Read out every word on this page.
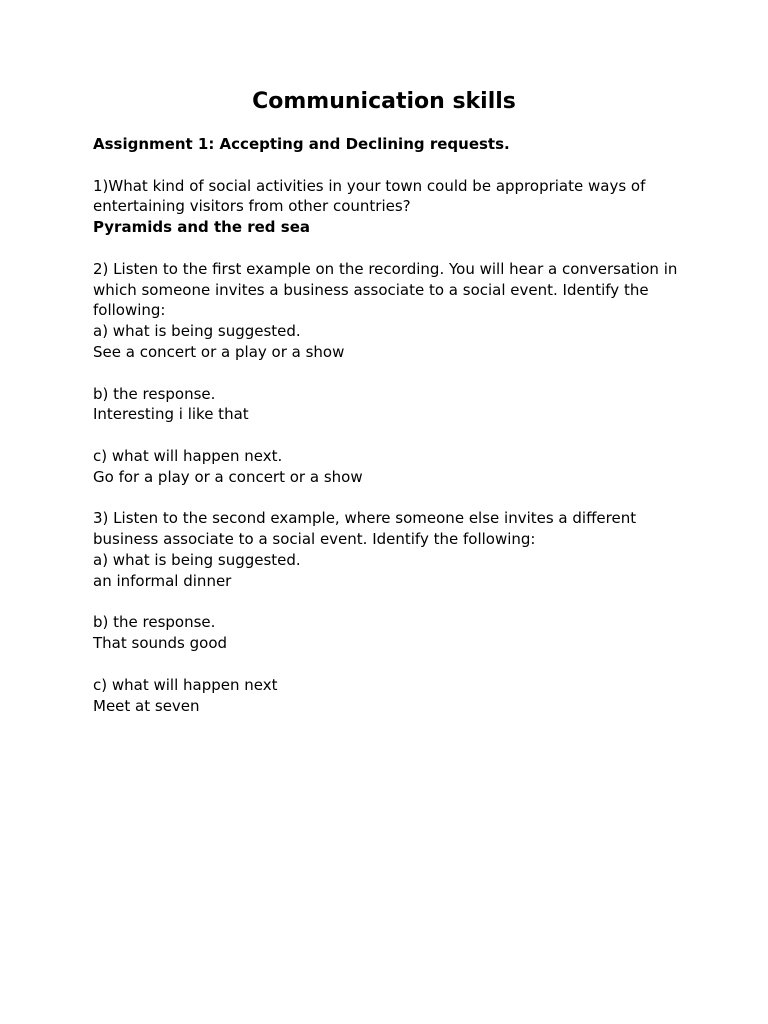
Communication skills
Assignment 1: Accepting and Declining requests.
1)What kind of social activities in your town could be appropriate ways of
entertaining visitors from other countries?
Pyramids and the red sea
2) Listen to the first example on the recording. You will hear a conversation in
which someone invites a business associate to a social event. Identify the
following:
a) what is being suggested.
See a concert or a play or a show
b) the response.
Interesting i like that
c) what will happen next.
Go for a play or a concert or a show
3) Listen to the second example, where someone else invites a different
business associate to a social event. Identify the following:
a) what is being suggested.
an informal dinner
b) the response.
That sounds good
c) what will happen next
Meet at seven
